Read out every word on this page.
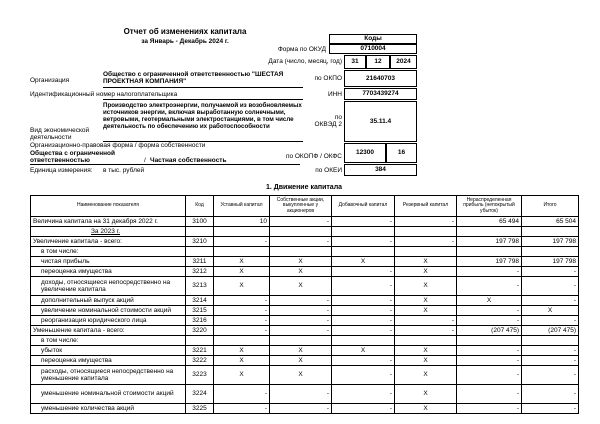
Отчет об изменениях капитала
за Январь - Декабрь 2024 г.	Коды
Форма по ОКУД	0710004
Дата (число, месяц, год)	31	12	2024
Организация
Общество с ограниченной ответственностью "ШЕСТАЯ ПРОЕКТНАЯ КОМПАНИЯ"	по ОКПО	21640703
Идентификационный номер налогоплательщика	ИНН	7703439274
Вид экономической деятельности
Производство электроэнергии, получаемой из возобновляемых источников энергии, включая выработанную солнечными, ветровыми, геотермальными электростанциями, в том числе деятельность по обеспечению их работоспособности
по ОКВЭД 2
35.11.4
Организационно-правовая форма / форма собственности
Общества с ограниченной ответственностью	/ Частная собственность
по ОКОПФ / ОКФС
12300	16
Единица измерения: в тыс. рублей	по ОКЕИ	384
1. Движение капитала
Наименование показателя	Код	Уставный капитал	Собственные акции, выкупленные у акционеров	Добавочный капитал	Резервный капитал	Нераспределенная прибыль (непокрытый убыток)	Итого
Величина капитала на 31 декабря 2022 г.	3100	10	-	-	-	65 494	65 504
За 2023 г.							
Увеличение капитала - всего:	3210	-	-	-	-	197 798	197 798
в том числе:							
чистая прибыль	3211	X	X	X	X	197 798	197 798
переоценка имущества	3212	X	X	-	X	-	-
доходы, относящиеся непосредственно на увеличение капитала	3213	X	X	-	X	-	-
дополнительный выпуск акций	3214	-	-	-	X	X	-
увеличение номинальной стоимости акций	3215	-	-	-	X	-	X
реорганизация юридического лица	3216	-	-	-	-	-	-
Уменьшение капитала - всего:	3220	-	-	-	-	(207 475)	(207 475)
в том числе:							
убыток	3221	X	X	X	X	-	-
переоценка имущества	3222	X	X	-	X	-	-
расходы, относящиеся непосредственно на уменьшение капитала	3223	X	X	-	X	-	-
уменьшение номинальной стоимости акций	3224	-	-	-	X	-	-
уменьшение количества акций	3225	-	-	-	X	-	-
